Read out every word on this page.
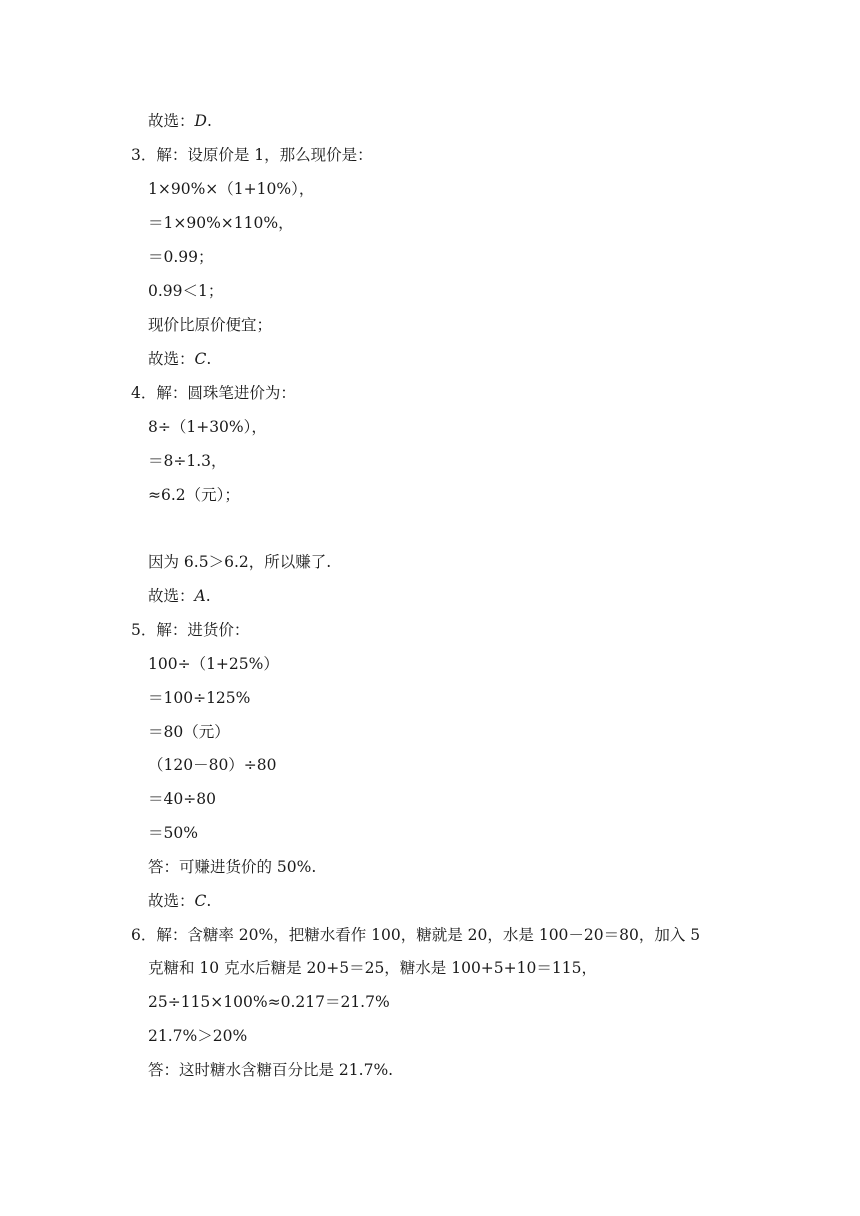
故选：D.
3．解：设原价是 1，那么现价是：
1×90%×（1+10%），
＝1×90%×110%，
＝0.99；
0.99＜1；
现价比原价便宜；
故选：C.
4．解：圆珠笔进价为：
8÷（1+30%），
＝8÷1.3，
≈6.2（元）；
因为 6.5＞6.2，所以赚了.
故选：A.
5．解：进货价：
100÷（1+25%）
＝100÷125%
＝80（元）
（120－80）÷80
＝40÷80
＝50%
答：可赚进货价的 50%.
故选：C.
6．解：含糖率 20%，把糖水看作 100，糖就是 20，水是 100－20＝80，加入 5
克糖和 10 克水后糖是 20+5＝25，糖水是 100+5+10＝115，
25÷115×100%≈0.217＝21.7%
21.7%＞20%
答：这时糖水含糖百分比是 21.7%.
